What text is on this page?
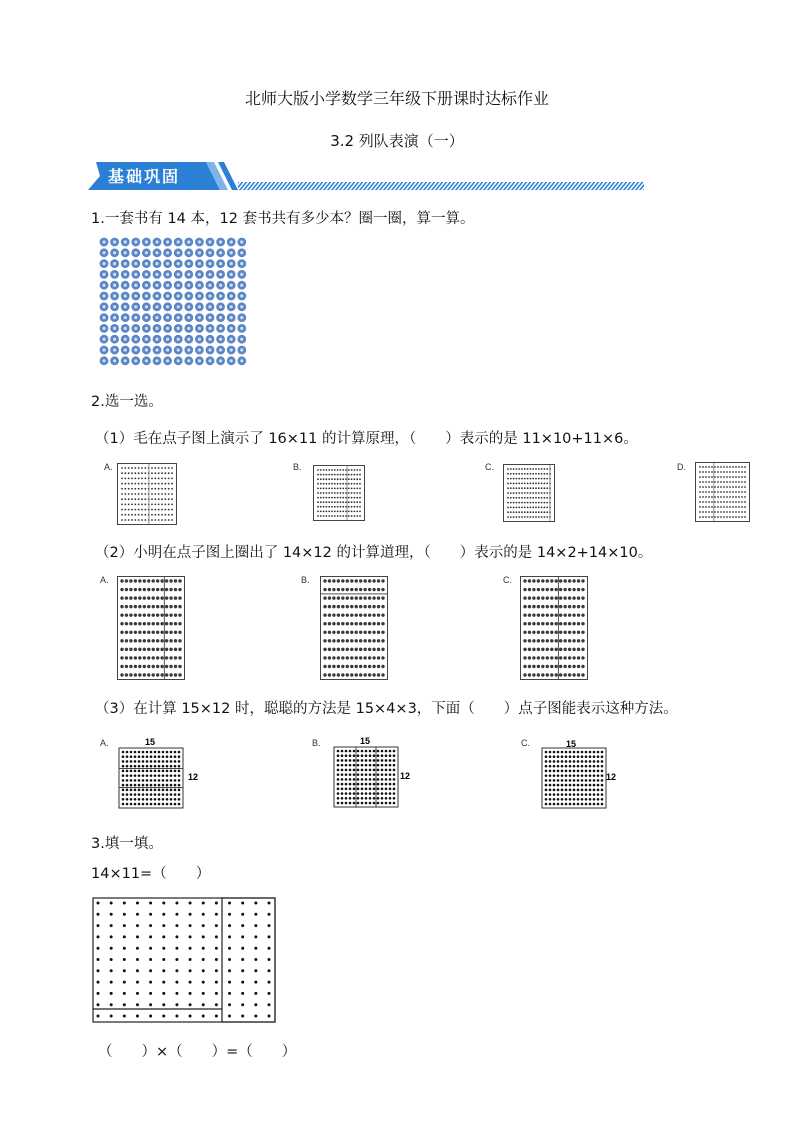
北师大版小学数学三年级下册课时达标作业
3.2 列队表演（一）
基础巩固
1.一套书有 14 本，12 套书共有多少本？圈一圈，算一算。
2.选一选。
（1）毛在点子图上演示了 16×11 的计算原理，（　　）表示的是 11×10+11×6。
A.	B.	C.	D.
（2）小明在点子图上圈出了 14×12 的计算道理，（　　）表示的是 14×2+14×10。
A.	B.	C.
（3）在计算 15×12 时，聪聪的方法是 15×4×3，下面（　　）点子图能表示这种方法。
A.	15
12
B.	15
12
C.	15
12
3.填一填。
14×11=（　　）
（　　）×（　　）=（　　）
